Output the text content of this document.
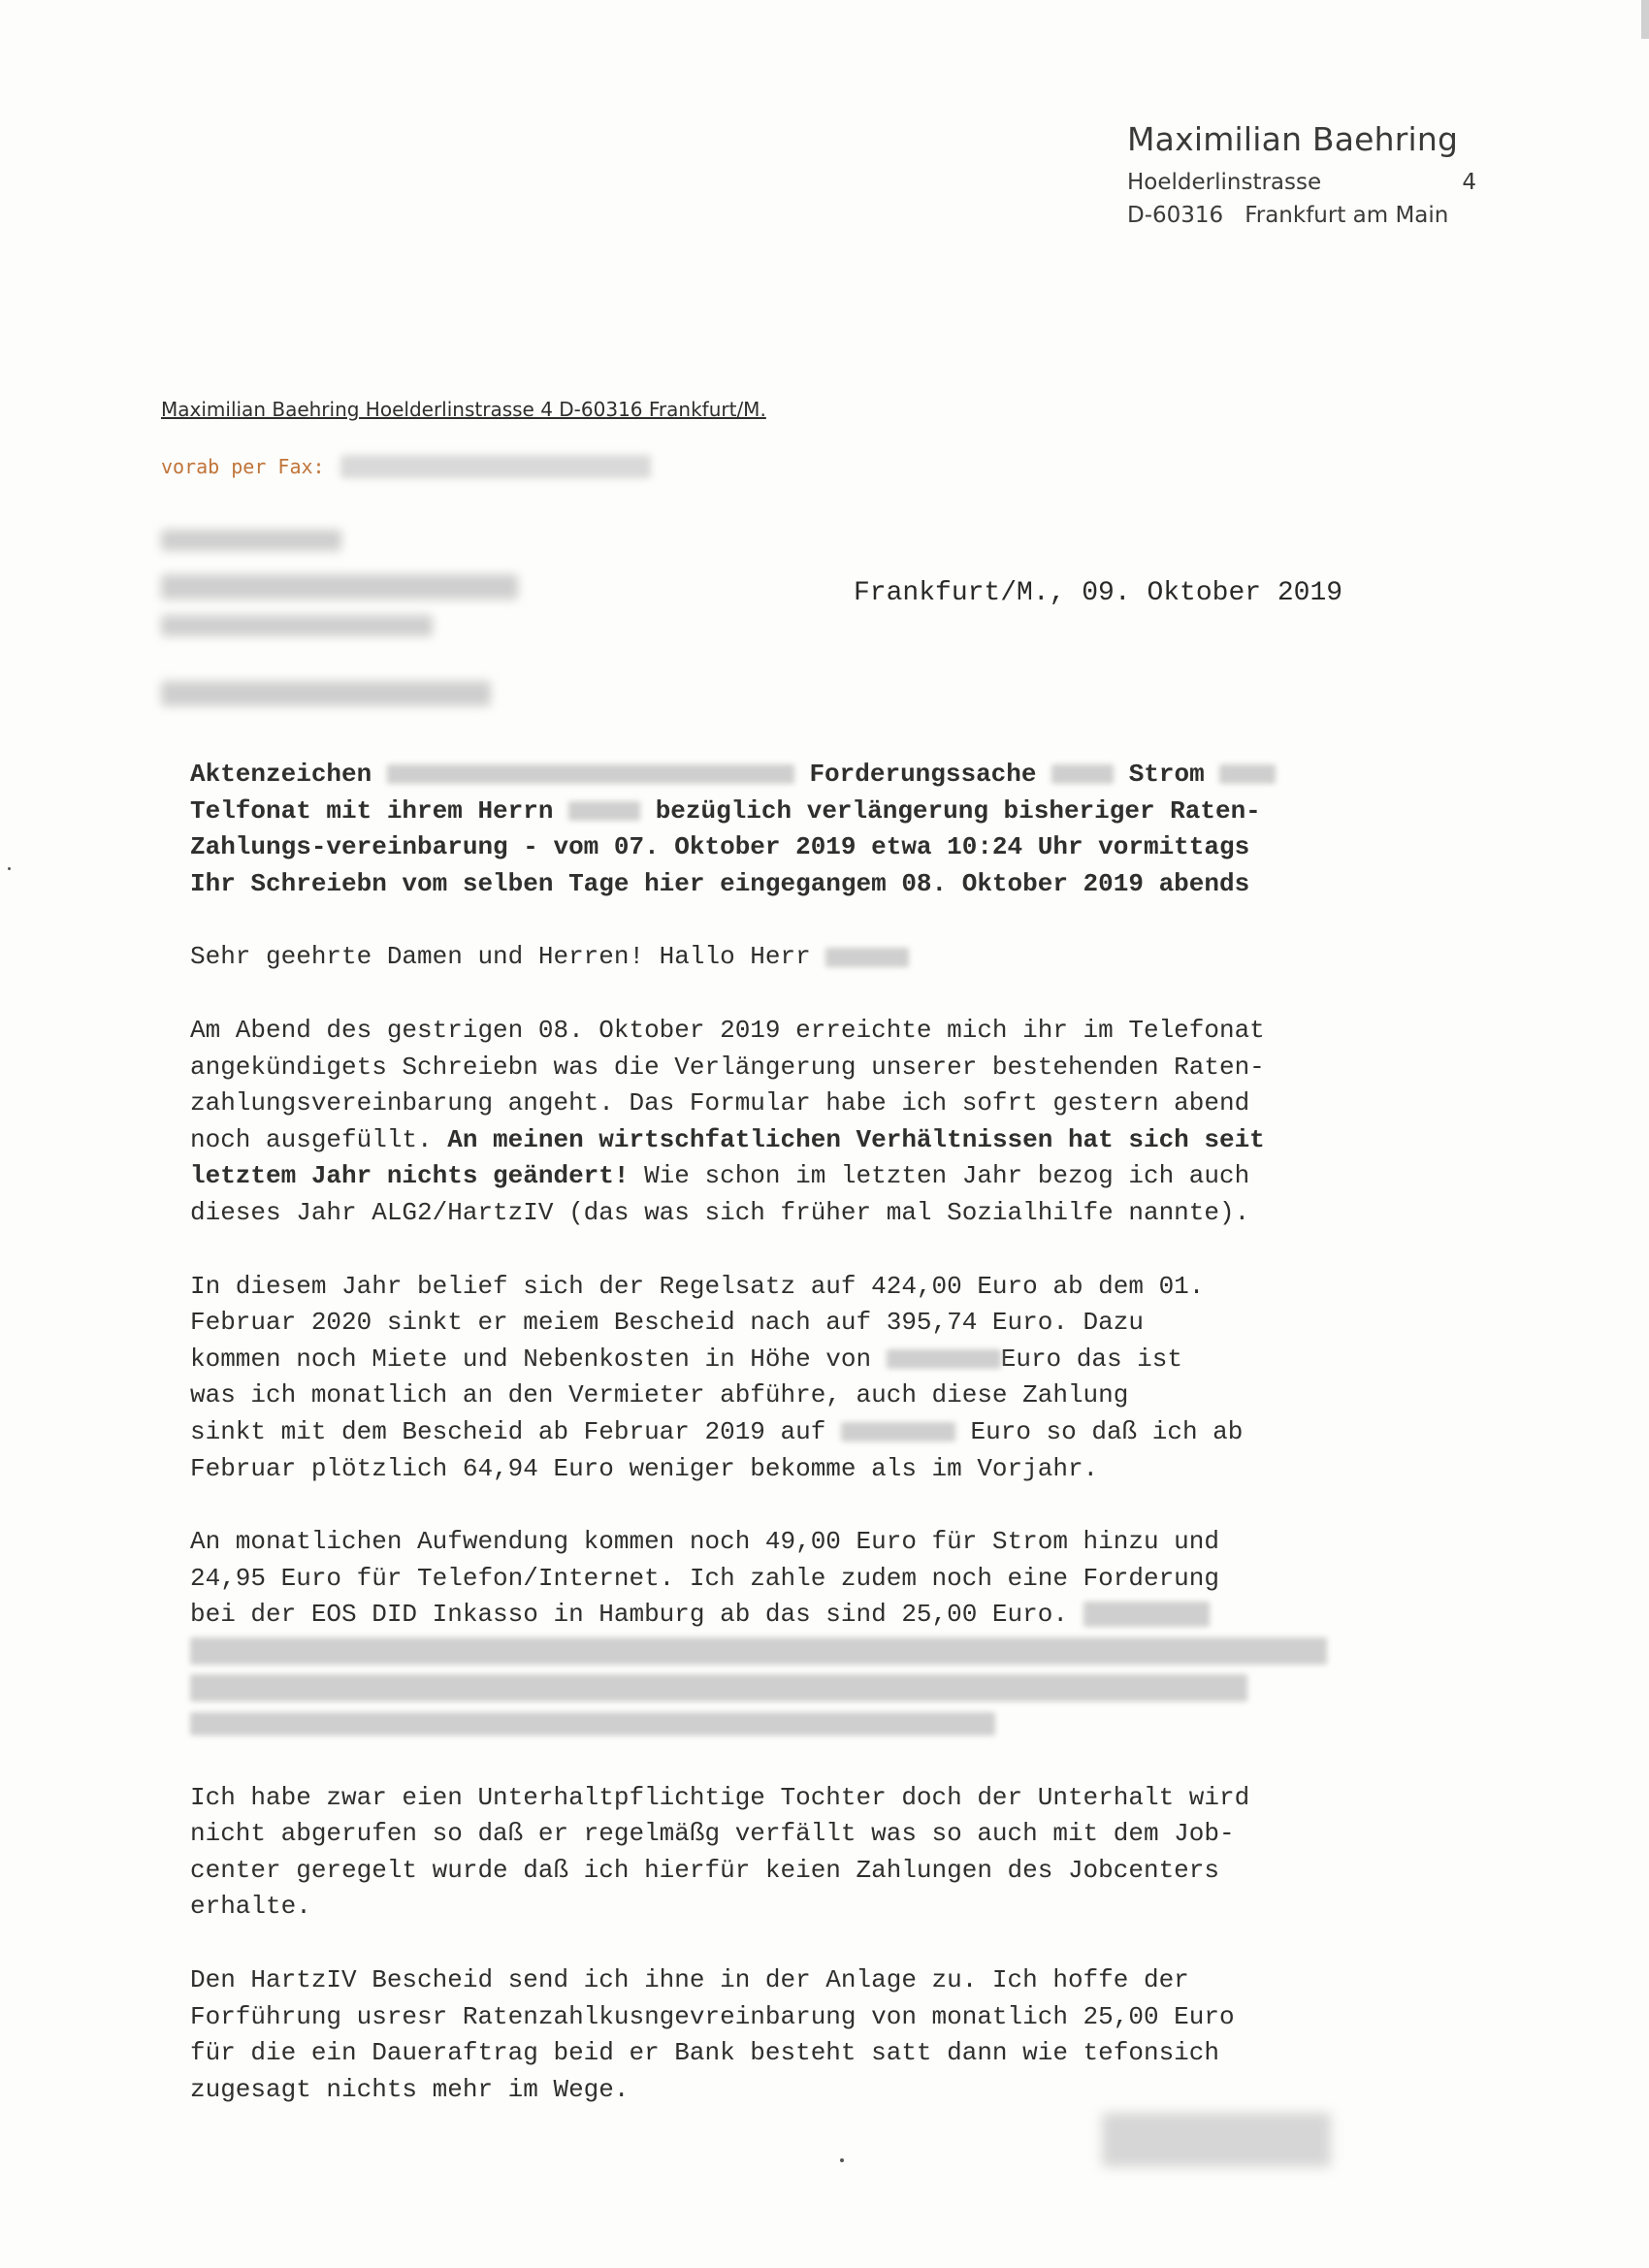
Maximilian Baehring
Hoelderlinstrasse	4
D-60316 Frankfurt am Main
Maximilian Baehring Hoelderlinstrasse 4 D-60316 Frankfurt/M.
vorab per Fax:
Frankfurt/M., 09. Oktober 2019
Aktenzeichen	Forderungssache	Strom
Telfonat mit ihrem Herrn	bezüglich verlängerung bisheriger Raten-
Zahlungs-vereinbarung - vom 07. Oktober 2019 etwa 10:24 Uhr vormittags
Ihr Schreiebn vom selben Tage hier eingegangem 08. Oktober 2019 abends
Sehr geehrte Damen und Herren! Hallo Herr
Am Abend des gestrigen 08. Oktober 2019 erreichte mich ihr im Telefonat
angekündigets Schreiebn was die Verlängerung unserer bestehenden Raten-
zahlungsvereinbarung angeht. Das Formular habe ich sofrt gestern abend
noch ausgefüllt. An meinen wirtschfatlichen Verhältnissen hat sich seit
letztem Jahr nichts geändert! Wie schon im letzten Jahr bezog ich auch
dieses Jahr ALG2/HartzIV (das was sich früher mal Sozialhilfe nannte).
In diesem Jahr belief sich der Regelsatz auf 424,00 Euro ab dem 01.
Februar 2020 sinkt er meiem Bescheid nach auf 395,74 Euro. Dazu
kommen noch Miete und Nebenkosten in Höhe von	Euro das ist
was ich monatlich an den Vermieter abführe, auch diese Zahlung
sinkt mit dem Bescheid ab Februar 2019 auf	Euro so daß ich ab
Februar plötzlich 64,94 Euro weniger bekomme als im Vorjahr.
An monatlichen Aufwendung kommen noch 49,00 Euro für Strom hinzu und
24,95 Euro für Telefon/Internet. Ich zahle zudem noch eine Forderung
bei der EOS DID Inkasso in Hamburg ab das sind 25,00 Euro.
Ich habe zwar eien Unterhaltpflichtige Tochter doch der Unterhalt wird
nicht abgerufen so daß er regelmäßg verfällt was so auch mit dem Job-
center geregelt wurde daß ich hierfür keien Zahlungen des Jobcenters
erhalte.
Den HartzIV Bescheid send ich ihne in der Anlage zu. Ich hoffe der
Forführung usresr Ratenzahlkusngevreinbarung von monatlich 25,00 Euro
für die ein Daueraftrag beid er Bank besteht satt dann wie tefonsich
zugesagt nichts mehr im Wege.
